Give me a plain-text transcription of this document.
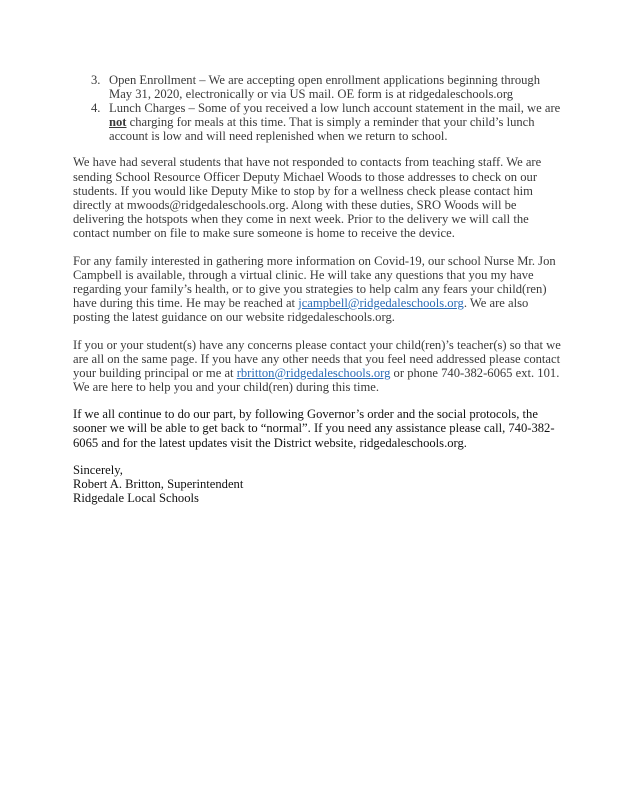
3. Open Enrollment – We are accepting open enrollment applications beginning through
May 31, 2020, electronically or via US mail. OE form is at ridgedaleschools.org
4. Lunch Charges – Some of you received a low lunch account statement in the mail, we are
not charging for meals at this time. That is simply a reminder that your child’s lunch
account is low and will need replenished when we return to school.

We have had several students that have not responded to contacts from teaching staff. We are
sending School Resource Officer Deputy Michael Woods to those addresses to check on our
students. If you would like Deputy Mike to stop by for a wellness check please contact him
directly at mwoods@ridgedaleschools.org. Along with these duties, SRO Woods will be
delivering the hotspots when they come in next week. Prior to the delivery we will call the
contact number on file to make sure someone is home to receive the device.

For any family interested in gathering more information on Covid-19, our school Nurse Mr. Jon
Campbell is available, through a virtual clinic. He will take any questions that you my have
regarding your family’s health, or to give you strategies to help calm any fears your child(ren)
have during this time. He may be reached at jcampbell@ridgedaleschools.org. We are also
posting the latest guidance on our website ridgedaleschools.org.

If you or your student(s) have any concerns please contact your child(ren)’s teacher(s) so that we
are all on the same page. If you have any other needs that you feel need addressed please contact
your building principal or me at rbritton@ridgedaleschools.org or phone 740-382-6065 ext. 101.
We are here to help you and your child(ren) during this time.

If we all continue to do our part, by following Governor’s order and the social protocols, the
sooner we will be able to get back to “normal”. If you need any assistance please call, 740-382-
6065 and for the latest updates visit the District website, ridgedaleschools.org.

Sincerely,
Robert A. Britton, Superintendent
Ridgedale Local Schools
